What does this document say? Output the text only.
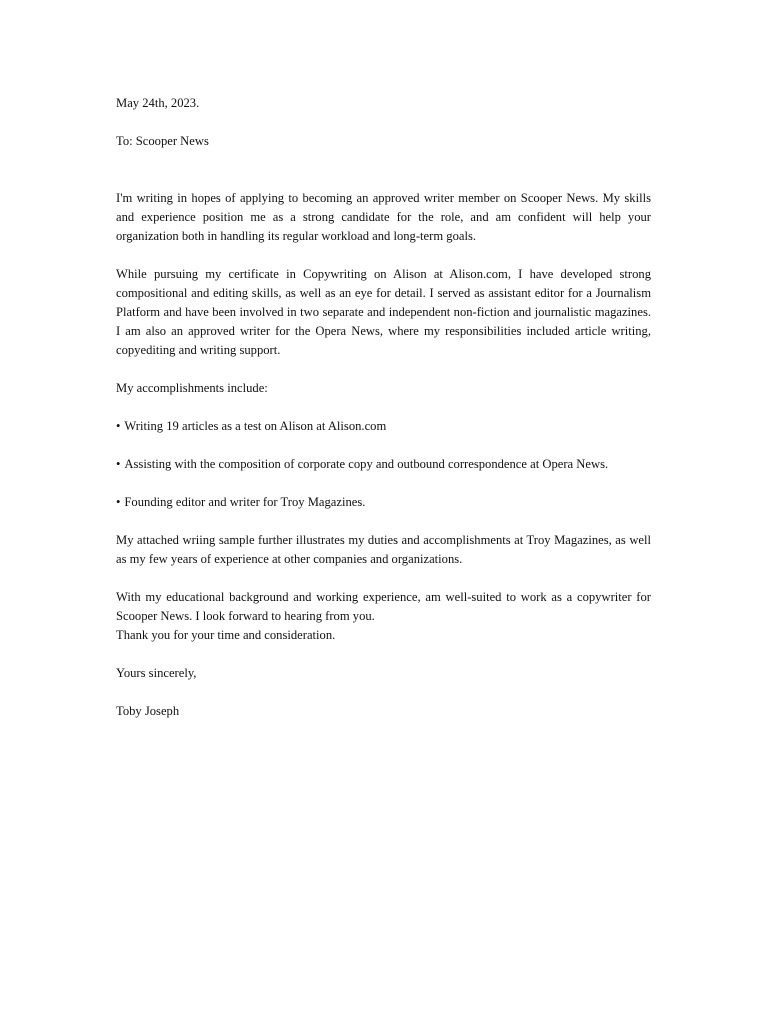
May 24th, 2023.

To: Scooper News

I'm writing in hopes of applying to becoming an approved writer member on Scooper News. My skills and experience position me as a strong candidate for the role, and am confident will help your organization both in handling its regular workload and long-term goals.

While pursuing my certificate in Copywriting on Alison at Alison.com, I have developed strong compositional and editing skills, as well as an eye for detail. I served as assistant editor for a Journalism Platform and have been involved in two separate and independent non-fiction and journalistic magazines. I am also an approved writer for the Opera News, where my responsibilities included article writing, copyediting and writing support.

My accomplishments include:

• Writing 19 articles as a test on Alison at Alison.com

• Assisting with the composition of corporate copy and outbound correspondence at Opera News.

• Founding editor and writer for Troy Magazines.

My attached wriing sample further illustrates my duties and accomplishments at Troy Magazines, as well as my few years of experience at other companies and organizations.

With my educational background and working experience, am well-suited to work as a copywriter for Scooper News. I look forward to hearing from you.

Thank you for your time and consideration.

Yours sincerely,

Toby Joseph
